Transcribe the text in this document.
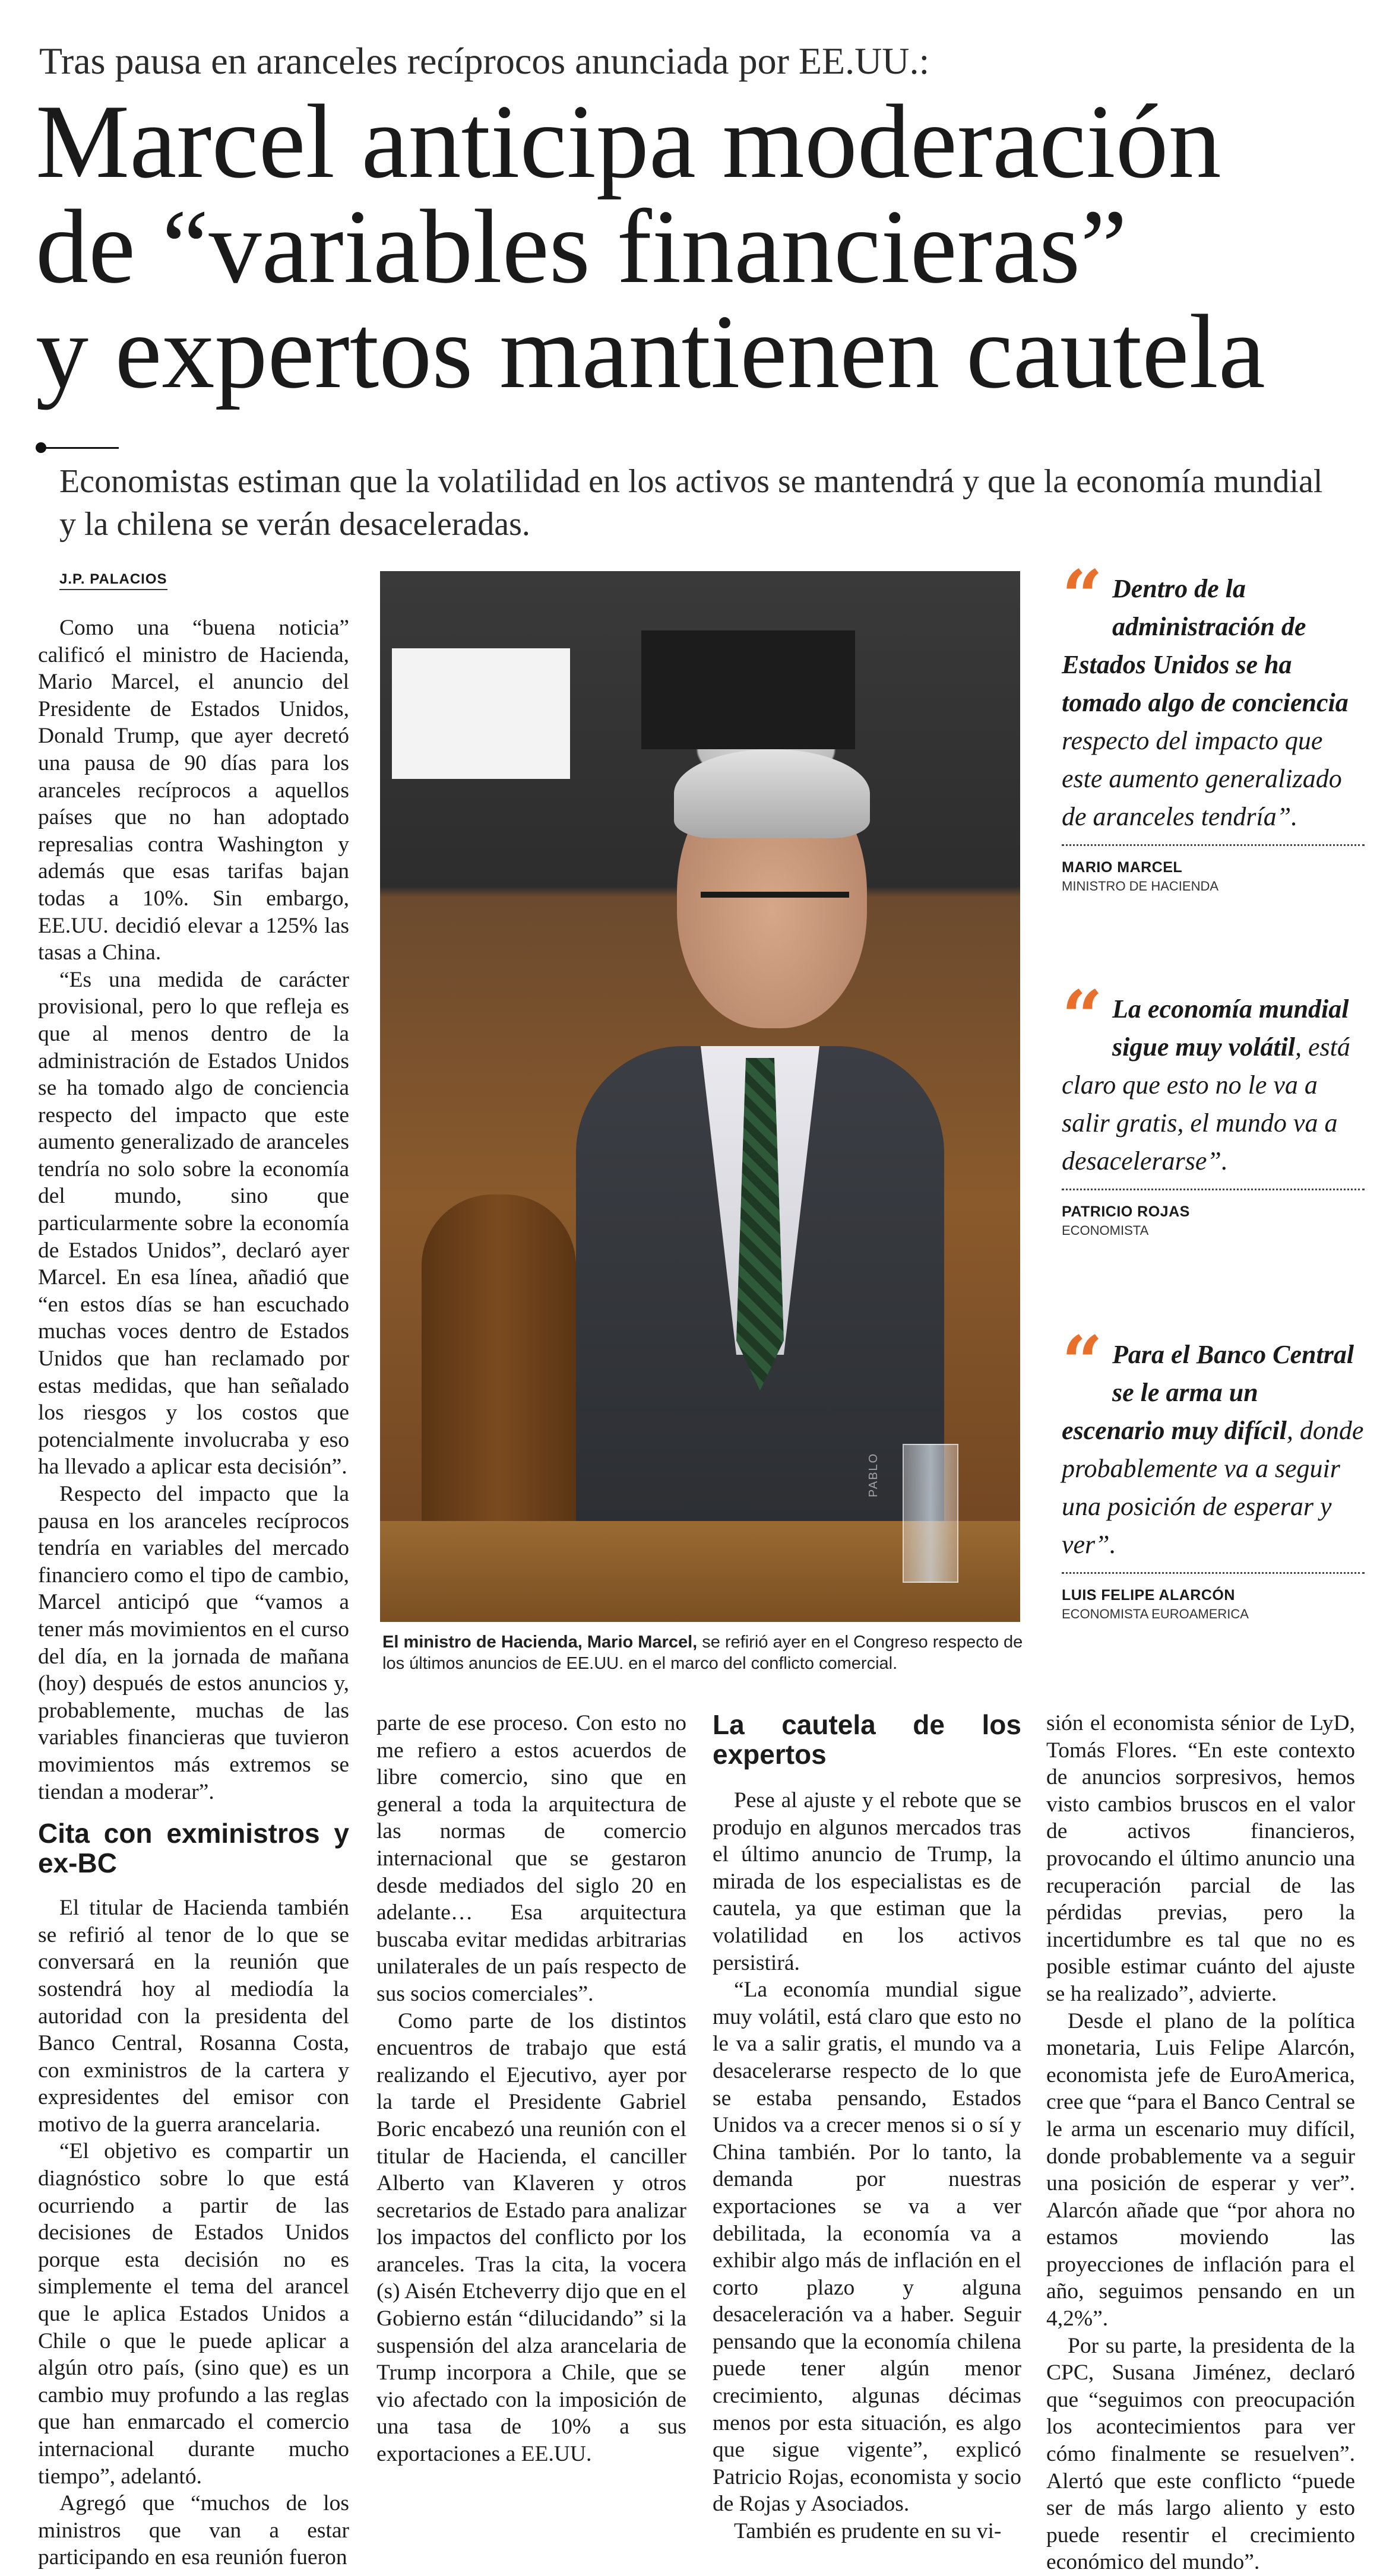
Tras pausa en aranceles recíprocos anunciada por EE.UU.:
Marcel anticipa moderación
de “variables financieras”
y expertos mantienen cautela
Economistas estiman que la volatilidad en los activos se mantendrá y que la economía mundial y la chilena se verán desaceleradas.
J.P. PALACIOS

Como una “buena noticia” calificó el ministro de Hacienda, Mario Marcel, el anuncio del Presidente de Estados Unidos, Donald Trump, que ayer decretó una pausa de 90 días para los aranceles recíprocos a aquellos países que no han adoptado represalias contra Washington y además que esas tarifas bajan todas a 10%. Sin embargo, EE.UU. decidió elevar a 125% las tasas a China.

“Es una medida de carácter provisional, pero lo que refleja es que al menos dentro de la administración de Estados Unidos se ha tomado algo de conciencia respecto del impacto que este aumento generalizado de aranceles tendría no solo sobre la economía del mundo, sino que particularmente sobre la economía de Estados Unidos”, declaró ayer Marcel. En esa línea, añadió que “en estos días se han escuchado muchas voces dentro de Estados Unidos que han reclamado por estas medidas, que han señalado los riesgos y los costos que potencialmente involucraba y eso ha llevado a aplicar esta decisión”.

Respecto del impacto que la pausa en los aranceles recíprocos tendría en variables del mercado financiero como el tipo de cambio, Marcel anticipó que “vamos a tener más movimientos en el curso del día, en la jornada de mañana (hoy) después de estos anuncios y, probablemente, muchas de las variables financieras que tuvieron movimientos más extremos se tiendan a moderar”.

Cita con exministros y ex-BC

El titular de Hacienda también se refirió al tenor de lo que se conversará en la reunión que sostendrá hoy al mediodía la autoridad con la presidenta del Banco Central, Rosanna Costa, con exministros de la cartera y expresidentes del emisor con motivo de la guerra arancelaria.

“El objetivo es compartir un diagnóstico sobre lo que está ocurriendo a partir de las decisiones de Estados Unidos porque esta decisión no es simplemente el tema del arancel que le aplica Estados Unidos a Chile o que le puede aplicar a algún otro país, (sino que) es un cambio muy profundo a las reglas que han enmarcado el comercio internacional durante mucho tiempo”, adelantó.

Agregó que “muchos de los ministros que van a estar participando en esa reunión fueron

PABLO
El ministro de Hacienda, Mario Marcel, se refirió ayer en el Congreso respecto de los últimos anuncios de EE.UU. en el marco del conflicto comercial.
“ Dentro de la administración de Estados Unidos se ha tomado algo de conciencia respecto del impacto que este aumento generalizado de aranceles tendría”.
MARIO MARCEL
MINISTRO DE HACIENDA
“ La economía mundial sigue muy volátil, está claro que esto no le va a salir gratis, el mundo va a desacelerarse”.
PATRICIO ROJAS
ECONOMISTA
“ Para el Banco Central se le arma un escenario muy difícil, donde probablemente va a seguir una posición de esperar y ver”.
LUIS FELIPE ALARCÓN
ECONOMISTA EUROAMERICA

parte de ese proceso. Con esto no me refiero a estos acuerdos de libre comercio, sino que en general a toda la arquitectura de las normas de comercio internacional que se gestaron desde mediados del siglo 20 en adelante… Esa arquitectura buscaba evitar medidas arbitrarias unilaterales de un país respecto de sus socios comerciales”.

Como parte de los distintos encuentros de trabajo que está realizando el Ejecutivo, ayer por la tarde el Presidente Gabriel Boric encabezó una reunión con el titular de Hacienda, el canciller Alberto van Klaveren y otros secretarios de Estado para analizar los impactos del conflicto por los aranceles. Tras la cita, la vocera (s) Aisén Etcheverry dijo que en el Gobierno están “dilucidando” si la suspensión del alza arancelaria de Trump incorpora a Chile, que se vio afectado con la imposición de una tasa de 10% a sus exportaciones a EE.UU.

La cautela de los expertos

Pese al ajuste y el rebote que se produjo en algunos mercados tras el último anuncio de Trump, la mirada de los especialistas es de cautela, ya que estiman que la volatilidad en los activos persistirá.

“La economía mundial sigue muy volátil, está claro que esto no le va a salir gratis, el mundo va a desacelerarse respecto de lo que se estaba pensando, Estados Unidos va a crecer menos si o sí y China también. Por lo tanto, la demanda por nuestras exportaciones se va a ver debilitada, la economía va a exhibir algo más de inflación en el corto plazo y alguna desaceleración va a haber. Seguir pensando que la economía chilena puede tener algún menor crecimiento, algunas décimas menos por esta situación, es algo que sigue vigente”, explicó Patricio Rojas, economista y socio de Rojas y Asociados.

También es prudente en su vi-

sión el economista sénior de LyD, Tomás Flores. “En este contexto de anuncios sorpresivos, hemos visto cambios bruscos en el valor de activos financieros, provocando el último anuncio una recuperación parcial de las pérdidas previas, pero la incertidumbre es tal que no es posible estimar cuánto del ajuste se ha realizado”, advierte.

Desde el plano de la política monetaria, Luis Felipe Alarcón, economista jefe de EuroAmerica, cree que “para el Banco Central se le arma un escenario muy difícil, donde probablemente va a seguir una posición de esperar y ver”. Alarcón añade que “por ahora no estamos moviendo las proyecciones de inflación para el año, seguimos pensando en un 4,2%”.

Por su parte, la presidenta de la CPC, Susana Jiménez, declaró que “seguimos con preocupación los acontecimientos para ver cómo finalmente se resuelven”. Alertó que este conflicto “puede ser de más largo aliento y esto puede resentir el crecimiento económico del mundo”.
